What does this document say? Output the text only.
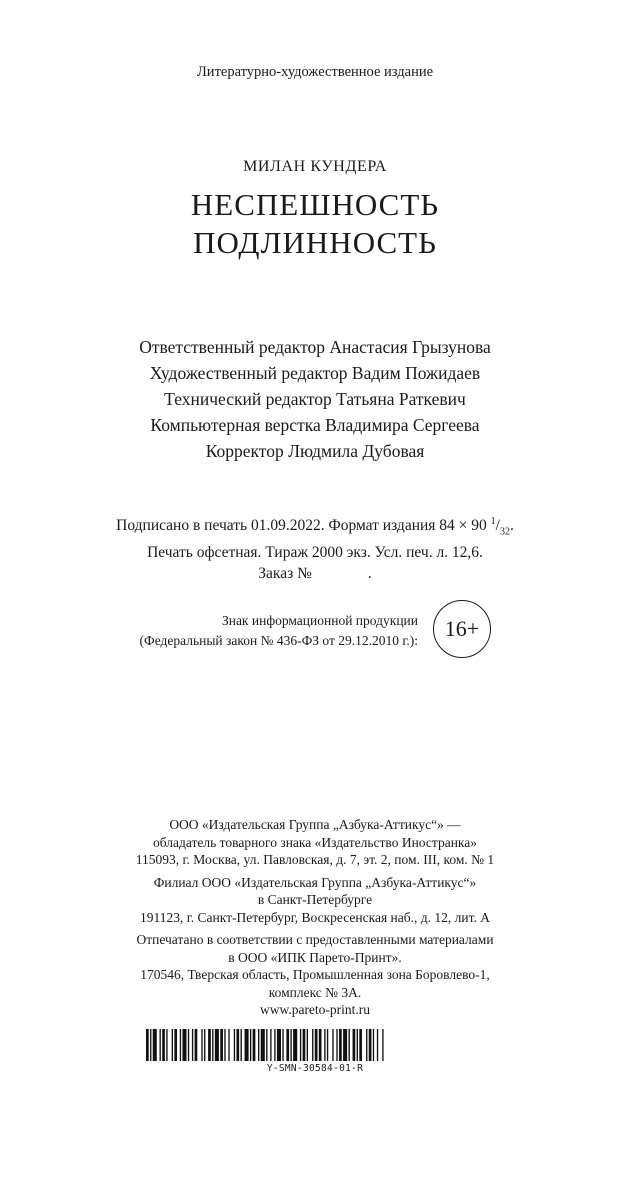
Литературно-художественное издание
МИЛАН КУНДЕРА
НЕСПЕШНОСТЬ
ПОДЛИННОСТЬ
Ответственный редактор Анастасия Грызунова
Художественный редактор Вадим Пожидаев
Технический редактор Татьяна Раткевич
Компьютерная верстка Владимира Сергеева
Корректор Людмила Дубовая
Подписано в печать 01.09.2022. Формат издания 84 × 90 $^1/_{32}$.
Печать офсетная. Тираж 2000 экз. Усл. печ. л. 12,6.
Заказ №	.
Знак информационной продукции
(Федеральный закон № 436-ФЗ от 29.12.2010 г.): 16+
ООО «Издательская Группа „Азбука-Аттикус“» —
обладатель товарного знака «Издательство Иностранка»
115093, г. Москва, ул. Павловская, д. 7, эт. 2, пом. III, ком. № 1
Филиал ООО «Издательская Группа „Азбука-Аттикус“»
в Санкт-Петербурге
191123, г. Санкт-Петербург, Воскресенская наб., д. 12, лит. А
Отпечатано в соответствии с предоставленными материалами
в ООО «ИПК Парето-Принт».
170546, Тверская область, Промышленная зона Боровлево-1,
комплекс № 3А.
www.pareto-print.ru
Y-SMN-30584-01-R
